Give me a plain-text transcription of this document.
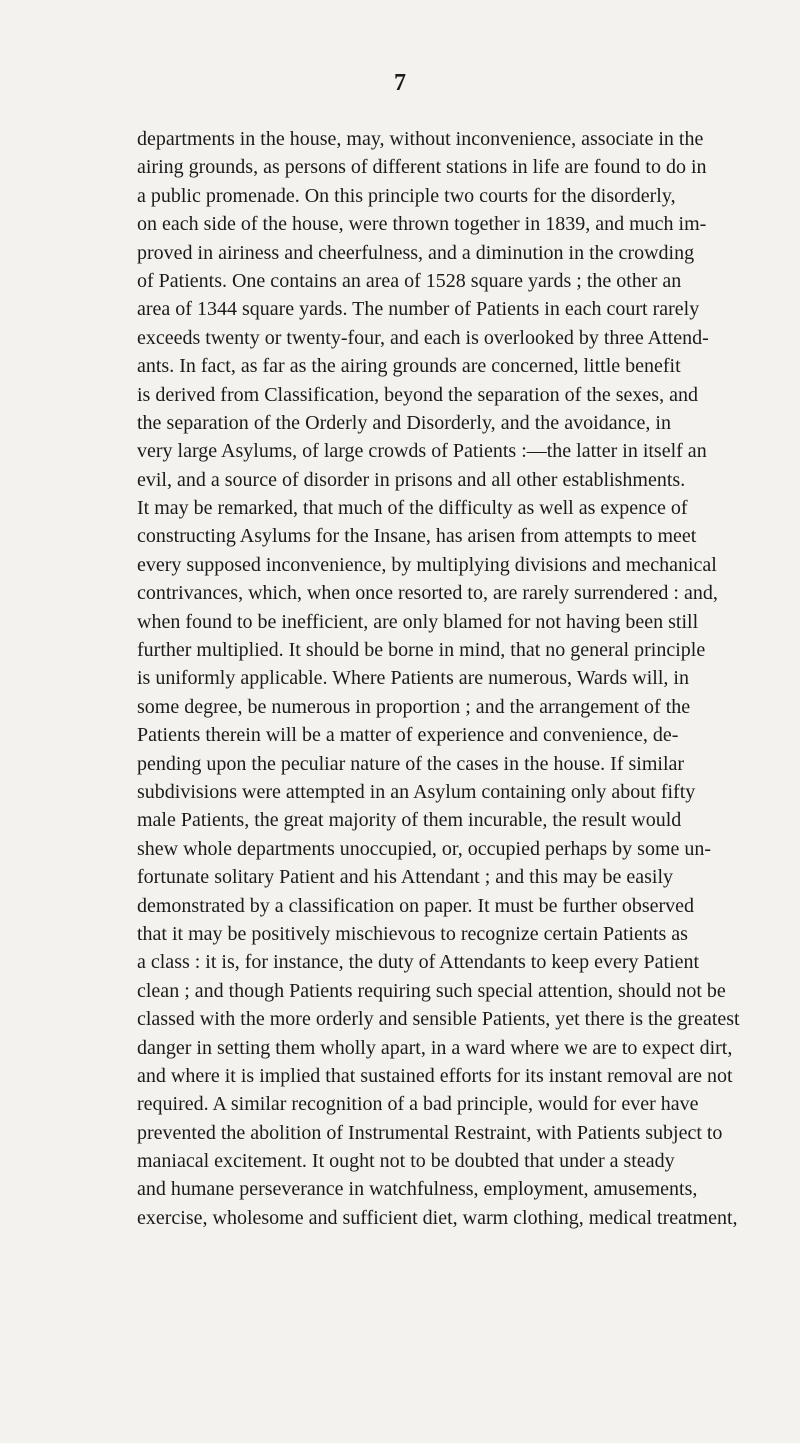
7
departments in the house, may, without inconvenience, associate in the
airing grounds, as persons of different stations in life are found to do in
a public promenade. On this principle two courts for the disorderly,
on each side of the house, were thrown together in 1839, and much im-
proved in airiness and cheerfulness, and a diminution in the crowding
of Patients. One contains an area of 1528 square yards ; the other an
area of 1344 square yards. The number of Patients in each court rarely
exceeds twenty or twenty-four, and each is overlooked by three Attend-
ants. In fact, as far as the airing grounds are concerned, little benefit
is derived from Classification, beyond the separation of the sexes, and
the separation of the Orderly and Disorderly, and the avoidance, in
very large Asylums, of large crowds of Patients :—the latter in itself an
evil, and a source of disorder in prisons and all other establishments.
It may be remarked, that much of the difficulty as well as expence of
constructing Asylums for the Insane, has arisen from attempts to meet
every supposed inconvenience, by multiplying divisions and mechanical
contrivances, which, when once resorted to, are rarely surrendered : and,
when found to be inefficient, are only blamed for not having been still
further multiplied. It should be borne in mind, that no general principle
is uniformly applicable. Where Patients are numerous, Wards will, in
some degree, be numerous in proportion ; and the arrangement of the
Patients therein will be a matter of experience and convenience, de-
pending upon the peculiar nature of the cases in the house. If similar
subdivisions were attempted in an Asylum containing only about fifty
male Patients, the great majority of them incurable, the result would
shew whole departments unoccupied, or, occupied perhaps by some un-
fortunate solitary Patient and his Attendant ; and this may be easily
demonstrated by a classification on paper. It must be further observed
that it may be positively mischievous to recognize certain Patients as
a class : it is, for instance, the duty of Attendants to keep every Patient
clean ; and though Patients requiring such special attention, should not be
classed with the more orderly and sensible Patients, yet there is the greatest
danger in setting them wholly apart, in a ward where we are to expect dirt,
and where it is implied that sustained efforts for its instant removal are not
required. A similar recognition of a bad principle, would for ever have
prevented the abolition of Instrumental Restraint, with Patients subject to
maniacal excitement. It ought not to be doubted that under a steady
and humane perseverance in watchfulness, employment, amusements,
exercise, wholesome and sufficient diet, warm clothing, medical treatment,
